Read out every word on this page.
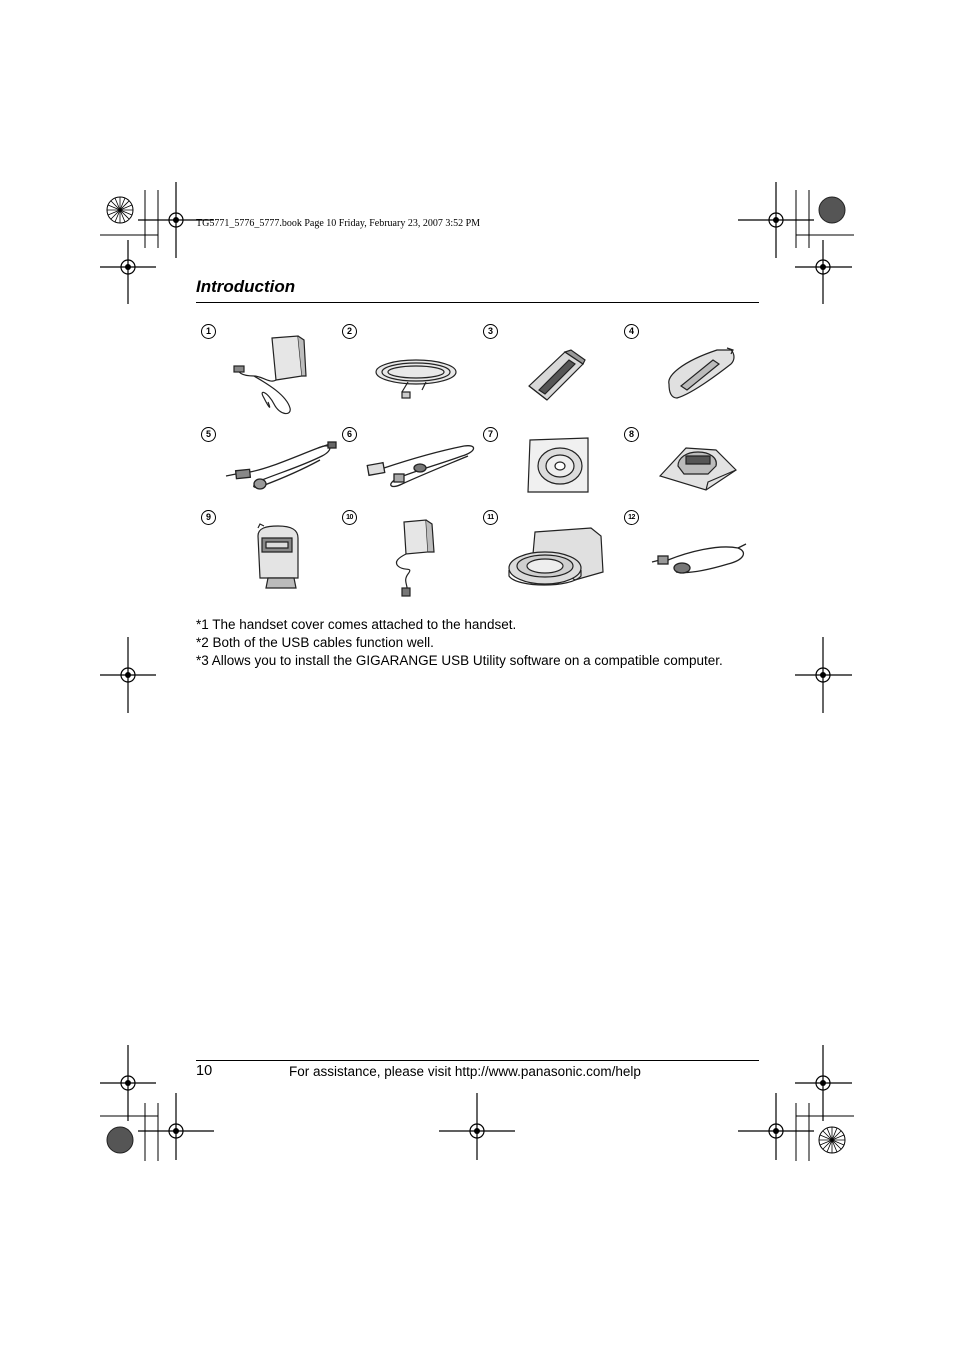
TG5771_5776_5777.book Page 10 Friday, February 23, 2007 3:52 PM
Introduction
1	2	3	4
5	6	7	8
9	10	11	12
*1 The handset cover comes attached to the handset.
*2 Both of the USB cables function well.
*3 Allows you to install the GIGARANGE USB Utility software on a compatible computer.
10	For assistance, please visit http://www.panasonic.com/help
